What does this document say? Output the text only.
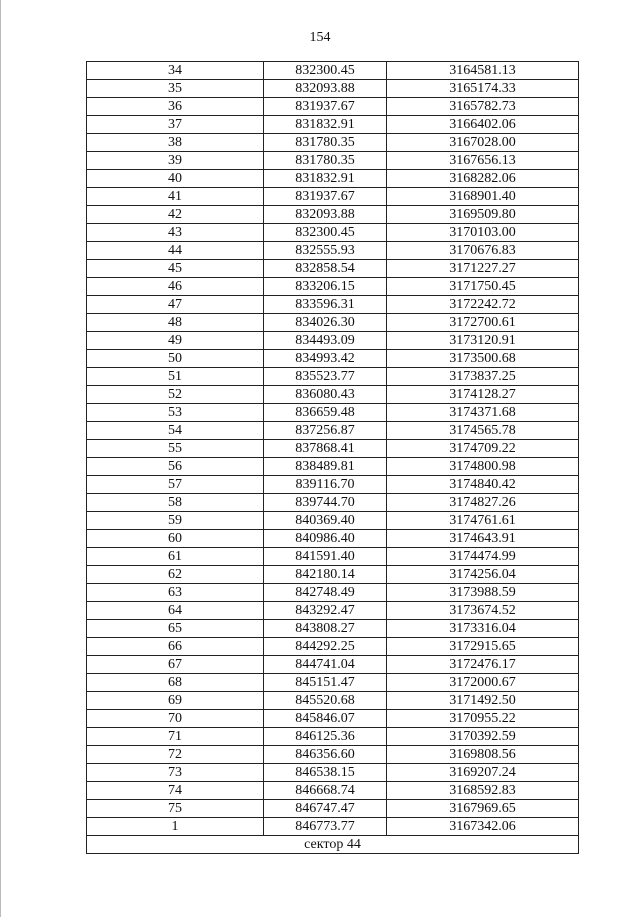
154
34	832300.45	3164581.13
35	832093.88	3165174.33
36	831937.67	3165782.73
37	831832.91	3166402.06
38	831780.35	3167028.00
39	831780.35	3167656.13
40	831832.91	3168282.06
41	831937.67	3168901.40
42	832093.88	3169509.80
43	832300.45	3170103.00
44	832555.93	3170676.83
45	832858.54	3171227.27
46	833206.15	3171750.45
47	833596.31	3172242.72
48	834026.30	3172700.61
49	834493.09	3173120.91
50	834993.42	3173500.68
51	835523.77	3173837.25
52	836080.43	3174128.27
53	836659.48	3174371.68
54	837256.87	3174565.78
55	837868.41	3174709.22
56	838489.81	3174800.98
57	839116.70	3174840.42
58	839744.70	3174827.26
59	840369.40	3174761.61
60	840986.40	3174643.91
61	841591.40	3174474.99
62	842180.14	3174256.04
63	842748.49	3173988.59
64	843292.47	3173674.52
65	843808.27	3173316.04
66	844292.25	3172915.65
67	844741.04	3172476.17
68	845151.47	3172000.67
69	845520.68	3171492.50
70	845846.07	3170955.22
71	846125.36	3170392.59
72	846356.60	3169808.56
73	846538.15	3169207.24
74	846668.74	3168592.83
75	846747.47	3167969.65
1	846773.77	3167342.06
сектор 44		
